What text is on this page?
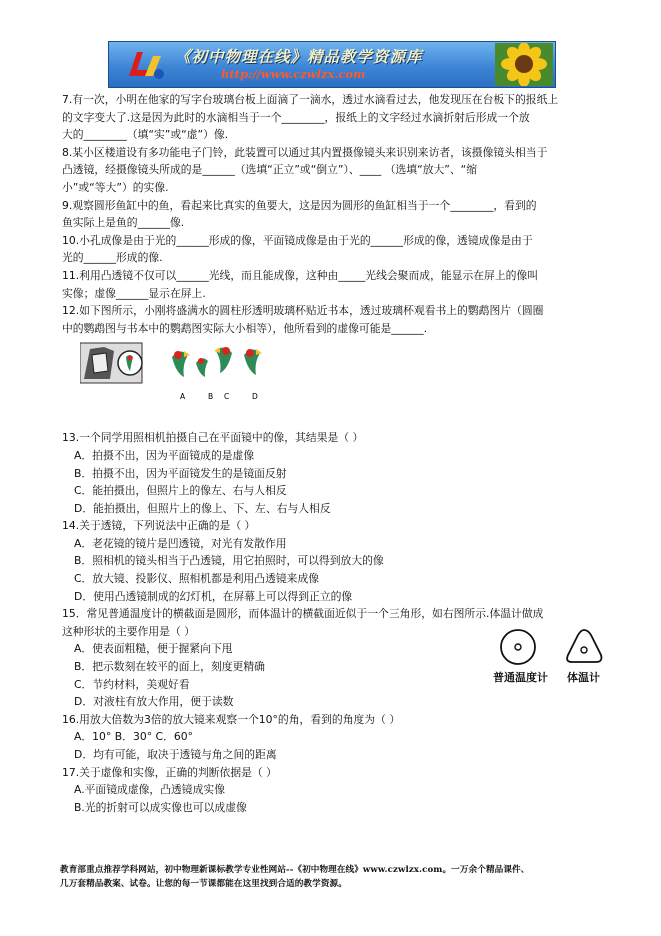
《初中物理在线》精品教学资源库
http://www.czwlzx.com
7.有一次，小明在他家的写字台玻璃台板上面滴了一滴水，透过水滴看过去，他发现压在台板下的报纸上
的文字变大了.这是因为此时的水滴相当于一个________，报纸上的文字经过水滴折射后形成一个放
大的________（填“实”或“虚”）像.
8.某小区楼道设有多功能电子门铃，此装置可以通过其内置摄像镜头来识别来访者，该摄像镜头相当于
凸透镜，经摄像镜头所成的是______（选填“正立”或“倒立”）、____ （选填“放大”、“缩
小”或“等大”）的实像.
9.观察圆形鱼缸中的鱼，看起来比真实的鱼要大，这是因为圆形的鱼缸相当于一个________，看到的
鱼实际上是鱼的______像.
10.小孔成像是由于光的______形成的像，平面镜成像是由于光的______形成的像，透镜成像是由于
光的______形成的像.
11.利用凸透镜不仅可以______光线，而且能成像，这种由_____光线会聚而成，能显示在屏上的像叫
实像；虚像______显示在屏上.
12.如下图所示，小刚将盛满水的圆柱形透明玻璃杯贴近书本，透过玻璃杯观看书上的鹦鹉图片（圆圈
中的鹦鹉图与书本中的鹦鹉图实际大小相等），他所看到的虚像可能是______.
A	B C	D
13.一个同学用照相机拍摄自己在平面镜中的像，其结果是（ ）
A．拍摄不出，因为平面镜成的是虚像
B．拍摄不出，因为平面镜发生的是镜面反射
C．能拍摄出，但照片上的像左、右与人相反
D．能拍摄出，但照片上的像上、下、左、右与人相反
14.关于透镜，下列说法中正确的是（ ）
A．老花镜的镜片是凹透镜，对光有发散作用
B．照相机的镜头相当于凸透镜，用它拍照时，可以得到放大的像
C．放大镜、投影仪、照相机都是利用凸透镜来成像
D．使用凸透镜制成的幻灯机，在屏幕上可以得到正立的像
15．常见普通温度计的横截面是圆形，而体温计的横截面近似于一个三角形，如右图所示.体温计做成
这种形状的主要作用是（ ）
A．使表面粗糙，便于握紧向下甩
B．把示数刻在较平的面上，刻度更精确
C．节约材料，美观好看
D．对液柱有放大作用，便于读数
16.用放大倍数为3倍的放大镜来观察一个10°的角，看到的角度为（ ）
A．10° B．30° C．60°
D．均有可能，取决于透镜与角之间的距离
17.关于虚像和实像，正确的判断依据是（ ）
A.平面镜成虚像，凸透镜成实像
B.光的折射可以成实像也可以成虚像
普通温度计 体温计
教育部重点推荐学科网站，初中物理新课标教学专业性网站--《初中物理在线》www.czwlzx.com。一万余个精品课件、
几万套精品教案、试卷。让您的每一节课都能在这里找到合适的教学资源。
